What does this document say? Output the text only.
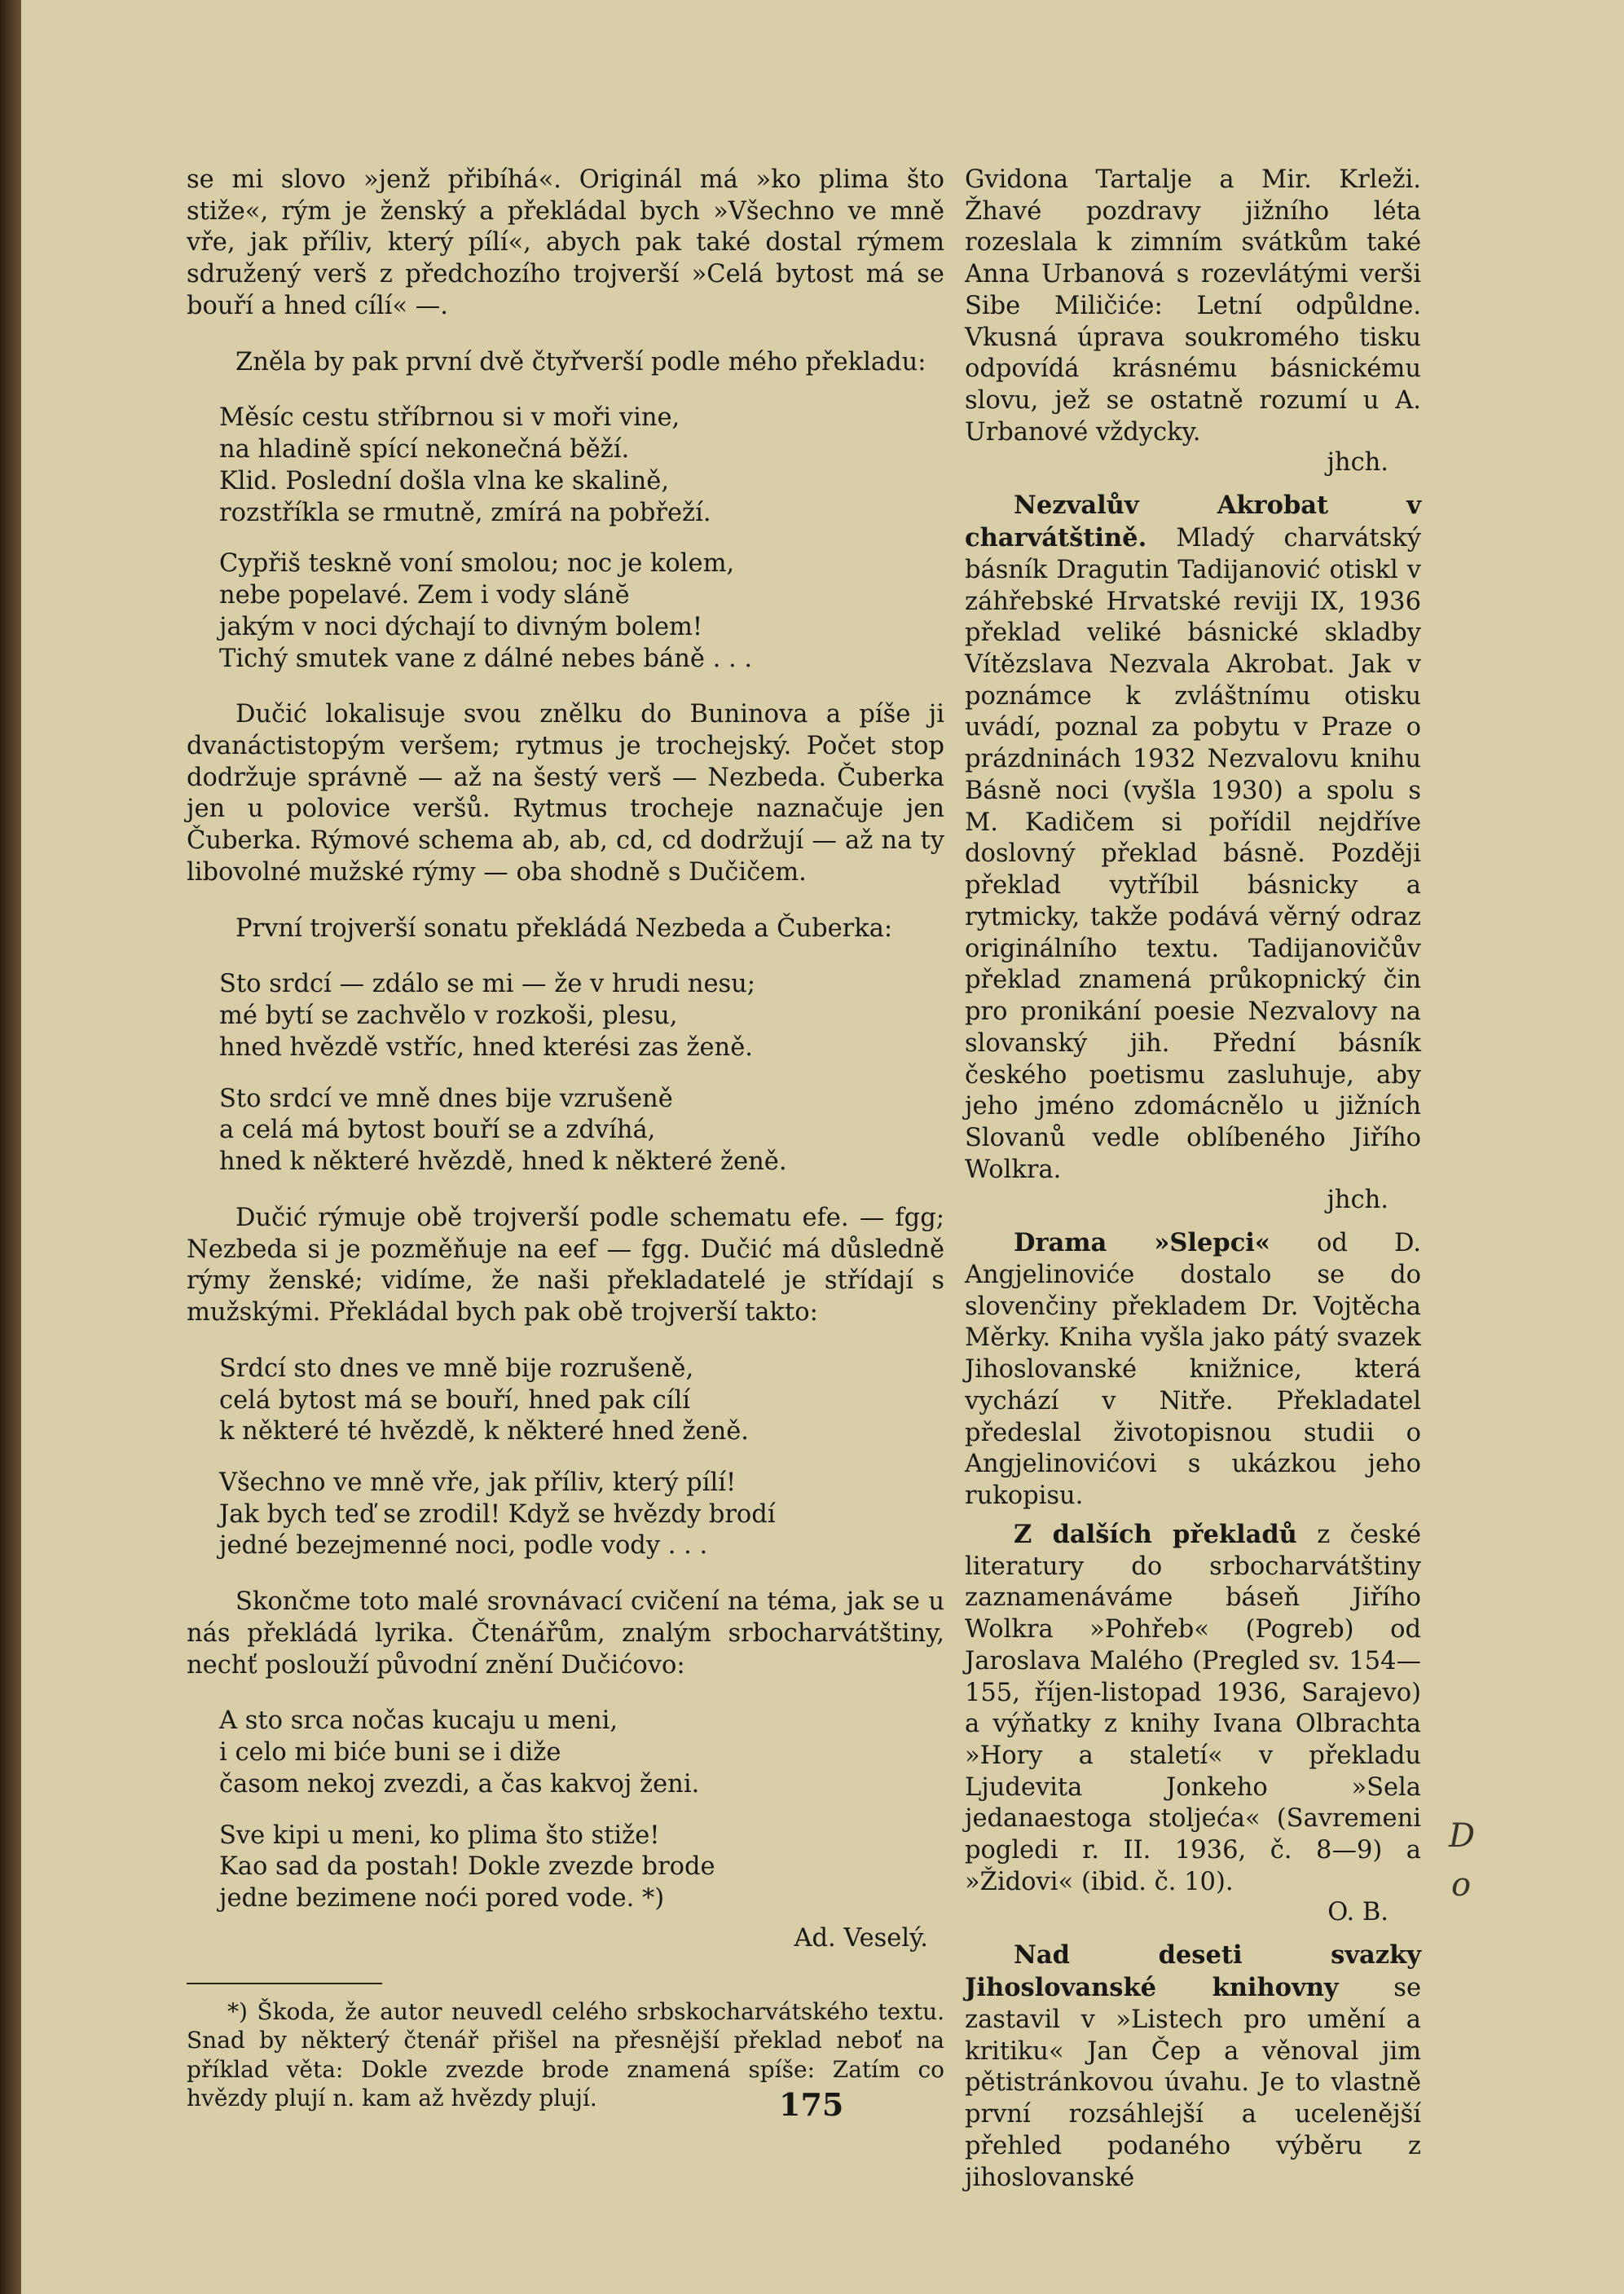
se mi slovo »jenž přibíhá«. Originál má »ko plima što stiže«, rým je ženský a překládal bych »Všechno ve mně vře, jak příliv, který pílí«, abych pak také dostal rýmem sdružený verš z předchozího trojverší »Celá bytost má se bouří a hned cílí« —.

Zněla by pak první dvě čtyřverší podle mého překladu:

Měsíc cestu stříbrnou si v moři vine,
na hladině spící nekonečná běží.
Klid. Poslední došla vlna ke skalině,
rozstříkla se rmutně, zmírá na pobřeží.
Cypřiš teskně voní smolou; noc je kolem,
nebe popelavé. Zem i vody slánĕ
jakým v noci dýchají to divným bolem!
Tichý smutek vane z dálné nebes báně . . .

Dučić lokalisuje svou znělku do Buninova a píše ji dvanáctistopým veršem; rytmus je trochejský. Počet stop dodržuje správně — až na šestý verš — Nezbeda. Čuberka jen u polovice veršů. Rytmus trocheje naznačuje jen Čuberka. Rýmové schema ab, ab, cd, cd dodržují — až na ty libovolné mužské rýmy — oba shodně s Dučičem.

První trojverší sonatu překládá Nezbeda a Čuberka:

Sto srdcí — zdálo se mi — že v hrudi nesu;
mé bytí se zachvělo v rozkoši, plesu,
hned hvězdě vstříc, hned kterési zas ženě.
Sto srdcí ve mně dnes bije vzrušeně
a celá má bytost bouří se a zdvíhá,
hned k některé hvězdě, hned k některé ženě.

Dučić rýmuje obě trojverší podle schematu efe. — fgg; Nezbeda si je pozměňuje na eef — fgg. Dučić má důsledně rýmy ženské; vidíme, že naši překladatelé je střídají s mužskými. Překládal bych pak obě trojverší takto:

Srdcí sto dnes ve mně bije rozrušeně,
celá bytost má se bouří, hned pak cílí
k některé té hvězdě, k některé hned ženě.
Všechno ve mně vře, jak příliv, který pílí!
Jak bych teď se zrodil! Když se hvězdy brodí
jedné bezejmenné noci, podle vody . . .

Skončme toto malé srovnávací cvičení na téma, jak se u nás překládá lyrika. Čtenářům, znalým srbocharvátštiny, nechť poslouží původní znění Dučićovo:

A sto srca nočas kucaju u meni,
i celo mi biće buni se i diže
časom nekoj zvezdi, a čas kakvoj ženi.
Sve kipi u meni, ko plima što stiže!
Kao sad da postah! Dokle zvezde brode
jedne bezimene noći pored vode. *)
Ad. Veselý.

*) Škoda, že autor neuvedl celého srbskocharvátského textu. Snad by některý čtenář přišel na přesnější překlad neboť na příklad věta: Dokle zvezde brode znamená spíše: Zatím co hvězdy plují n. kam až hvězdy plují.

Gvidona Tartalje a Mir. Krleži. Žhavé pozdravy jižního léta rozeslala k zimním svátkům také Anna Urbanová s rozevlátými verši Sibe Miličiće: Letní odpůldne. Vkusná úprava soukromého tisku odpovídá krásnému básnickému slovu, jež se ostatně rozumí u A. Urbanové vždycky.

jhch.

Nezvalův Akrobat v charvátštině. Mladý charvátský básník Dragutin Tadijanović otiskl v záhřebské Hrvatské reviji IX, 1936 překlad veliké básnické skladby Vítězslava Nezvala Akrobat. Jak v poznámce k zvláštnímu otisku uvádí, poznal za pobytu v Praze o prázdninách 1932 Nezvalovu knihu Básně noci (vyšla 1930) a spolu s M. Kadičem si pořídil nejdříve doslovný překlad básně. Později překlad vytříbil básnicky a rytmicky, takže podává věrný odraz originálního textu. Tadijanovičův překlad znamená průkopnický čin pro pronikání poesie Nezvalovy na slovanský jih. Přední básník českého poetismu zasluhuje, aby jeho jméno zdomácnělo u jižních Slovanů vedle oblíbeného Jiřího Wolkra.

jhch.

Drama »Slepci« od D. Angjelinoviće dostalo se do slovenčiny překladem Dr. Vojtěcha Měrky. Kniha vyšla jako pátý svazek Jihoslovanské knižnice, která vychází v Nitře. Překladatel předeslal životopisnou studii o Angjelinovićovi s ukázkou jeho rukopisu.

Z dalších překladů z české literatury do srbocharvátštiny zaznamenáváme báseň Jiřího Wolkra »Pohřeb« (Pogreb) od Jaroslava Malého (Pregled sv. 154—155, říjen-listopad 1936, Sarajevo) a výňatky z knihy Ivana Olbrachta »Hory a staletí« v překladu Ljudevita Jonkeho »Sela jedanaestoga stoljeća« (Savremeni pogledi r. II. 1936, č. 8—9) a »Židovi« (ibid. č. 10).

O. B.

Nad deseti svazky Jihoslovanské knihovny se zastavil v »Listech pro umění a kritiku« Jan Čep a věnoval jim pětistránkovou úvahu. Je to vlastně první rozsáhlejší a ucelenější přehled podaného výběru z jihoslovanské

D
o
175
